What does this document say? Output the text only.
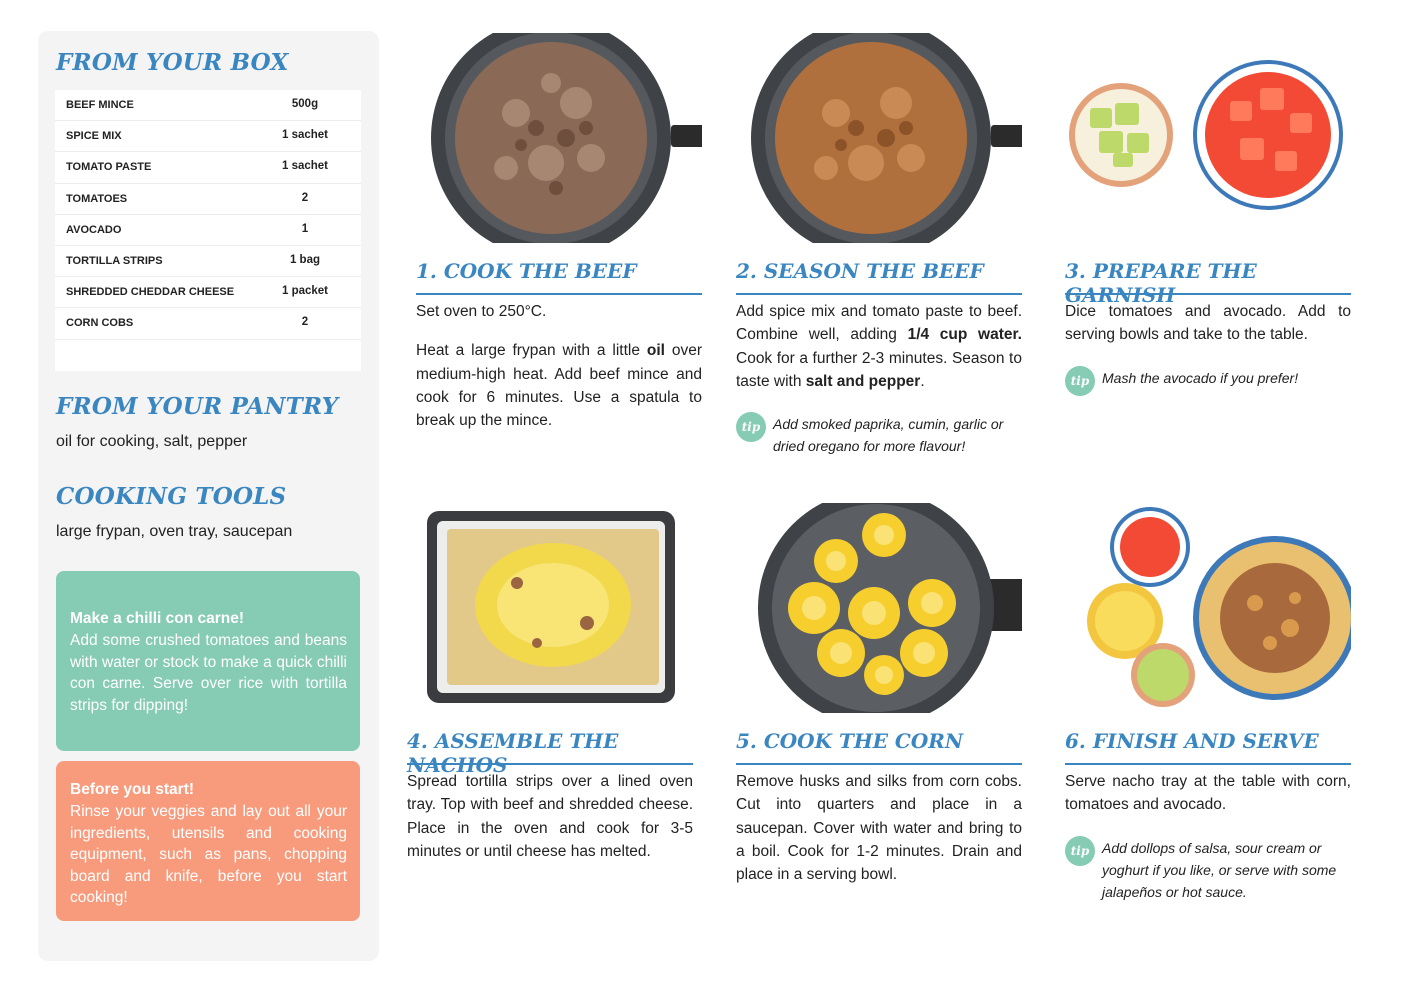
FROM YOUR BOX
BEEF MINCE	500g
SPICE MIX	1 sachet
TOMATO PASTE	1 sachet
TOMATOES	2
AVOCADO	1
TORTILLA STRIPS	1 bag
SHREDDED CHEDDAR CHEESE	1 packet
CORN COBS	2
FROM YOUR PANTRY
oil for cooking, salt, pepper
COOKING TOOLS
large frypan, oven tray, saucepan
Make a chilli con carne!
Add some crushed tomatoes and beans with water or stock to make a quick chilli con carne. Serve over rice with tortilla strips for dipping!
Before you start!
Rinse your veggies and lay out all your ingredients, utensils and cooking equipment, such as pans, chopping board and knife, before you start cooking!
1. COOK THE BEEF

Set oven to 250°C.

Heat a large frypan with a little oil over medium-high heat. Add beef mince and cook for 6 minutes. Use a spatula to break up the mince.

2. SEASON THE BEEF

Add spice mix and tomato paste to beef. Combine well, adding 1/4 cup water. Cook for a further 2-3 minutes. Season to taste with salt and pepper.

tip Add smoked paprika, cumin, garlic or dried oregano for more flavour!
3. PREPARE THE GARNISH

Dice tomatoes and avocado. Add to serving bowls and take to the table.

tip Mash the avocado if you prefer!
4. ASSEMBLE THE NACHOS

Spread tortilla strips over a lined oven tray. Top with beef and shredded cheese. Place in the oven and cook for 3-5 minutes or until cheese has melted.

5. COOK THE CORN

Remove husks and silks from corn cobs. Cut into quarters and place in a saucepan. Cover with water and bring to a boil. Cook for 1-2 minutes. Drain and place in a serving bowl.

6. FINISH AND SERVE

Serve nacho tray at the table with corn, tomatoes and avocado.

tip Add dollops of salsa, sour cream or yoghurt if you like, or serve with some jalapeños or hot sauce.
